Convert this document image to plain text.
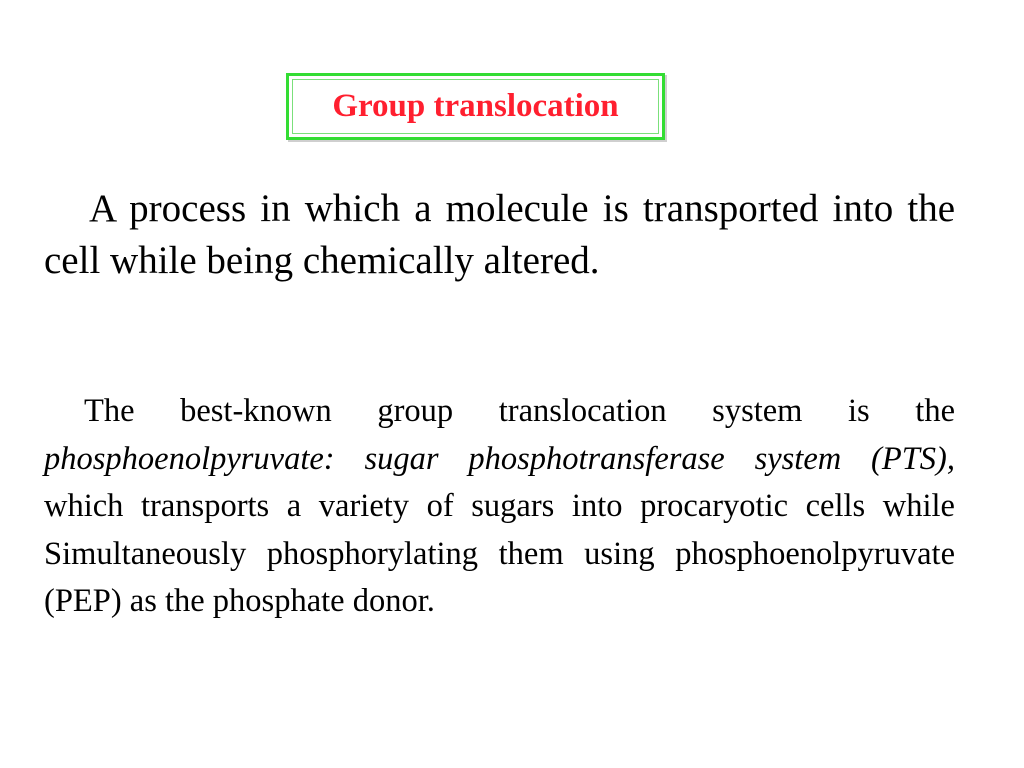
Group translocation

A process in which a molecule is transported into the cell while being chemically altered.

The best-known group translocation system is the phosphoenolpyruvate: sugar phosphotransferase system (PTS), which transports a variety of sugars into procaryotic cells while Simultaneously phosphorylating them using phosphoenolpyruvate (PEP) as the phosphate donor.
